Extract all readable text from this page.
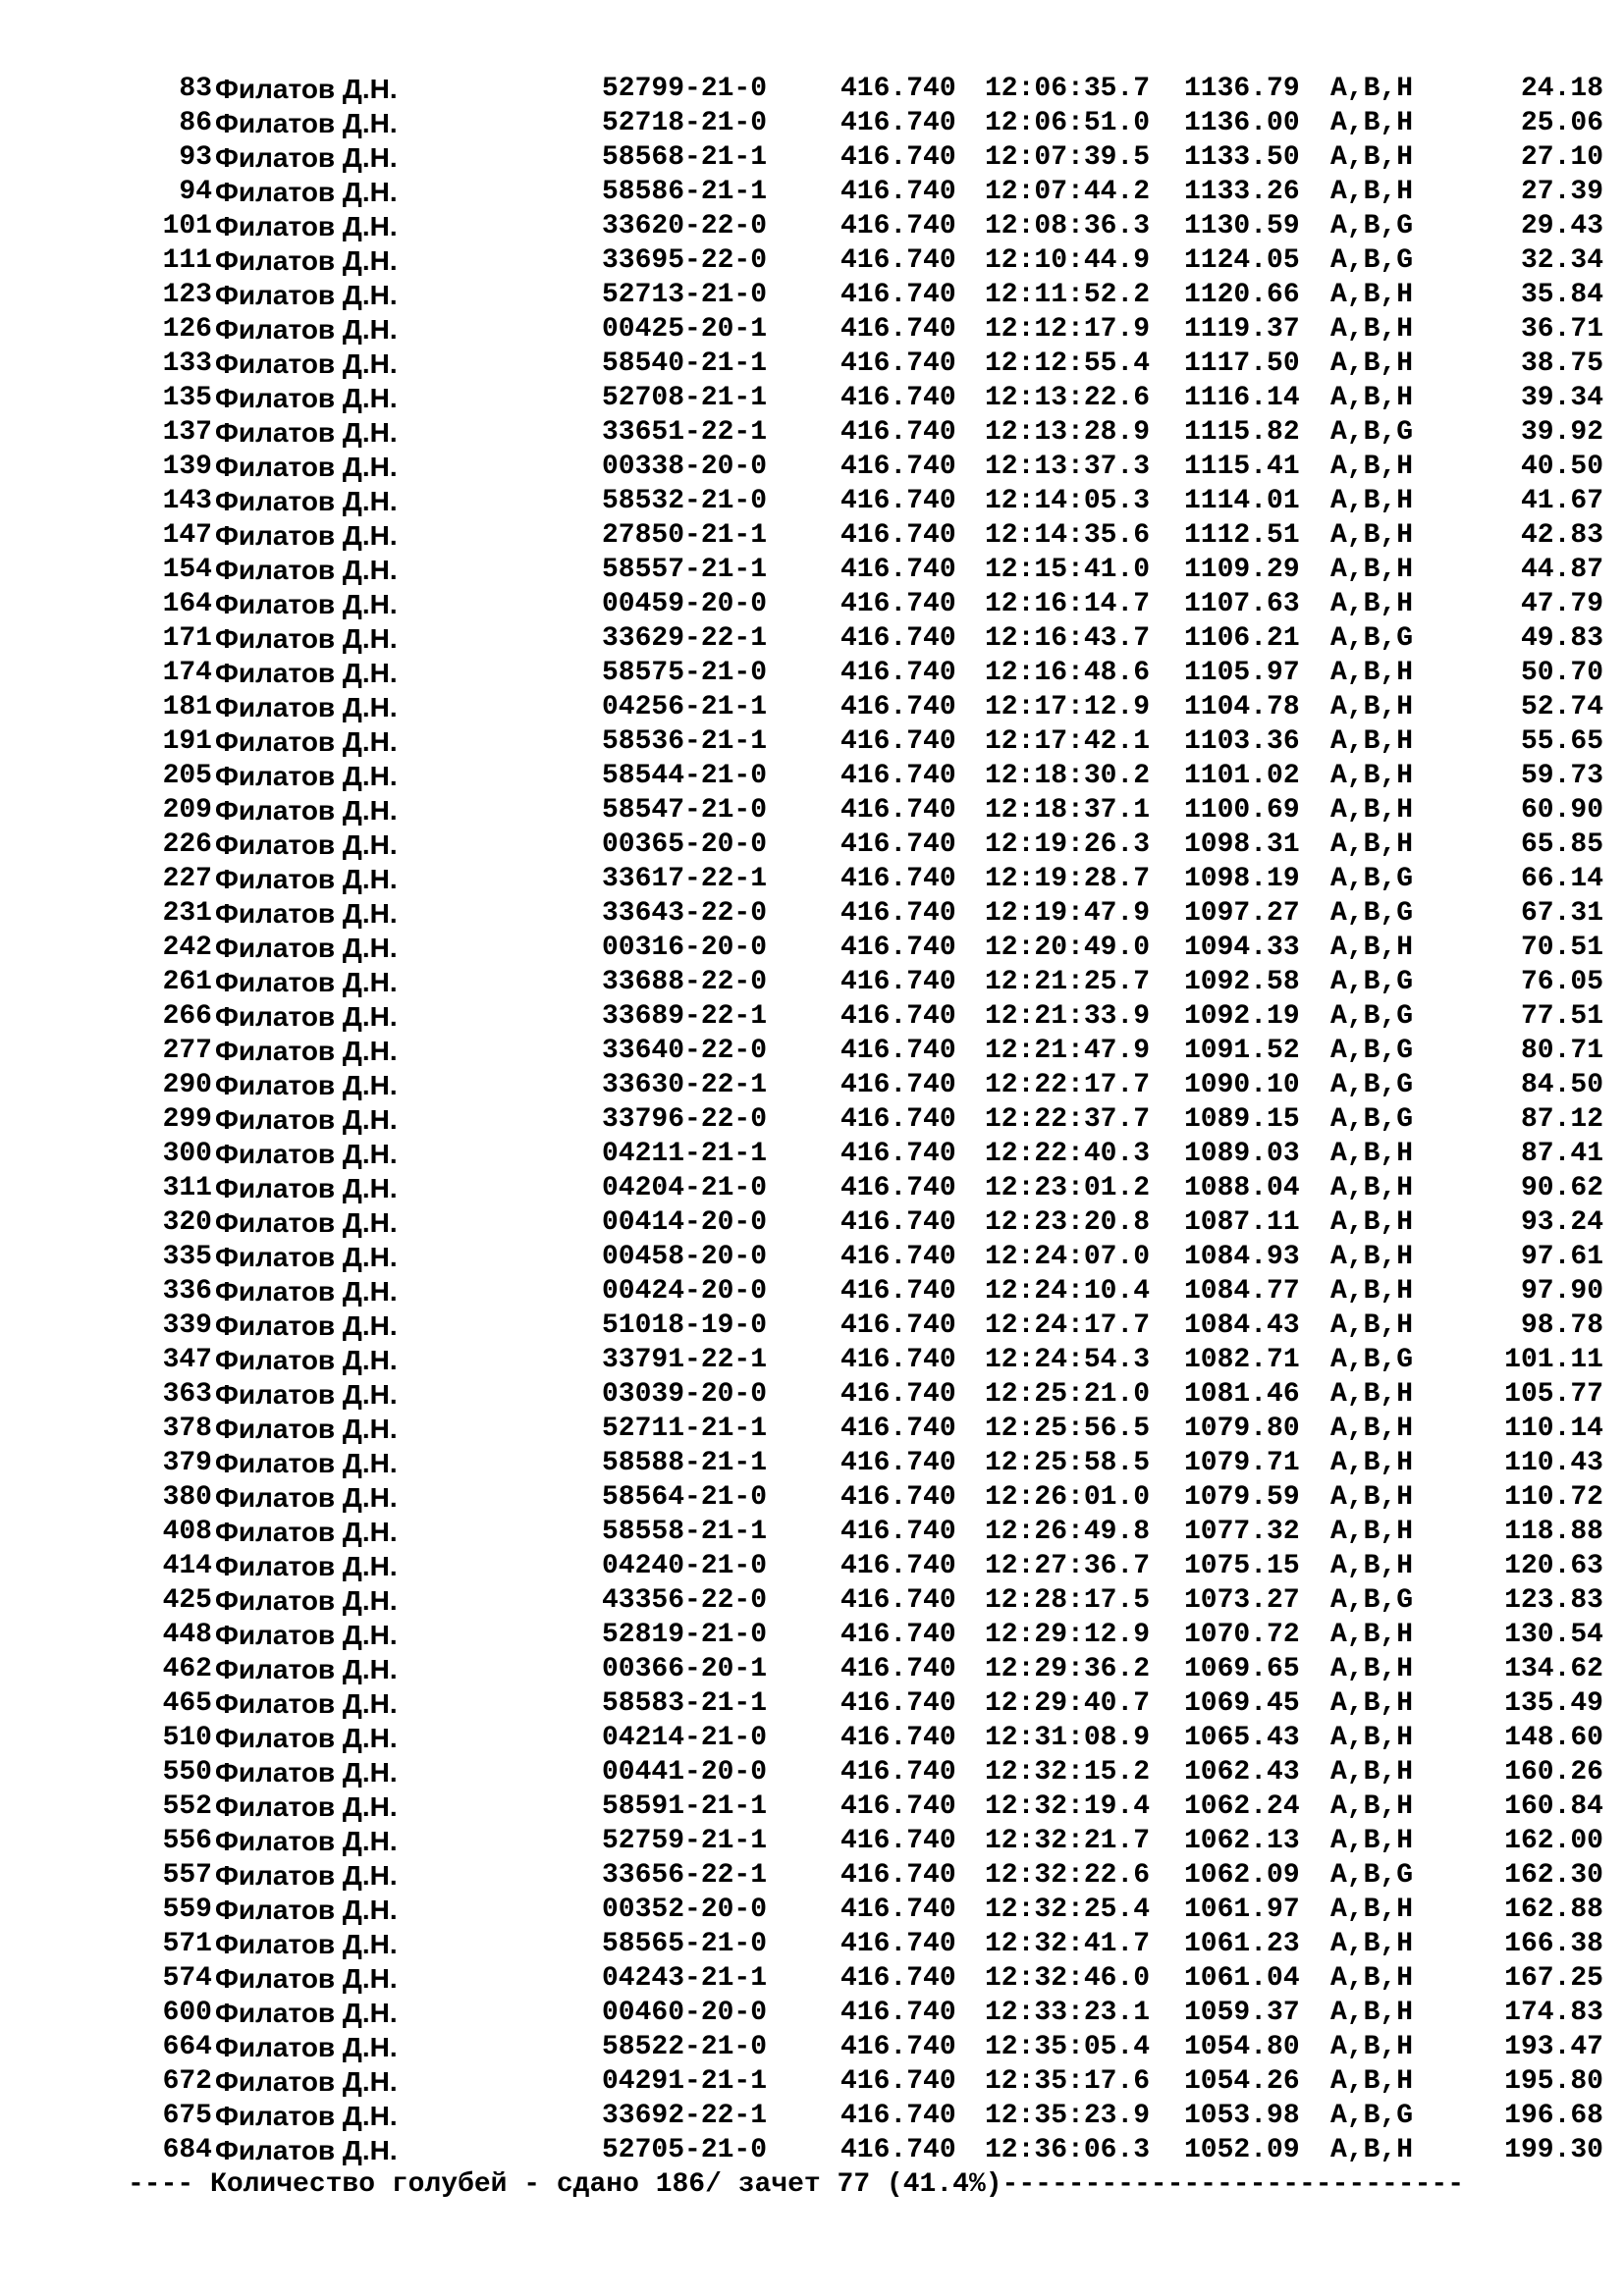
83 Филатов Д.Н.	52799-21-0	416.740 12:06:35.7 1136.79 A,B,H	24.18
86 Филатов Д.Н.	52718-21-0	416.740 12:06:51.0 1136.00 A,B,H	25.06
93 Филатов Д.Н.	58568-21-1	416.740 12:07:39.5 1133.50 A,B,H	27.10
94 Филатов Д.Н.	58586-21-1	416.740 12:07:44.2 1133.26 A,B,H	27.39
101 Филатов Д.Н.	33620-22-0	416.740 12:08:36.3 1130.59 A,B,G	29.43
111 Филатов Д.Н.	33695-22-0	416.740 12:10:44.9 1124.05 A,B,G	32.34
123 Филатов Д.Н.	52713-21-0	416.740 12:11:52.2 1120.66 A,B,H	35.84
126 Филатов Д.Н.	00425-20-1	416.740 12:12:17.9 1119.37 A,B,H	36.71
133 Филатов Д.Н.	58540-21-1	416.740 12:12:55.4 1117.50 A,B,H	38.75
135 Филатов Д.Н.	52708-21-1	416.740 12:13:22.6 1116.14 A,B,H	39.34
137 Филатов Д.Н.	33651-22-1	416.740 12:13:28.9 1115.82 A,B,G	39.92
139 Филатов Д.Н.	00338-20-0	416.740 12:13:37.3 1115.41 A,B,H	40.50
143 Филатов Д.Н.	58532-21-0	416.740 12:14:05.3 1114.01 A,B,H	41.67
147 Филатов Д.Н.	27850-21-1	416.740 12:14:35.6 1112.51 A,B,H	42.83
154 Филатов Д.Н.	58557-21-1	416.740 12:15:41.0 1109.29 A,B,H	44.87
164 Филатов Д.Н.	00459-20-0	416.740 12:16:14.7 1107.63 A,B,H	47.79
171 Филатов Д.Н.	33629-22-1	416.740 12:16:43.7 1106.21 A,B,G	49.83
174 Филатов Д.Н.	58575-21-0	416.740 12:16:48.6 1105.97 A,B,H	50.70
181 Филатов Д.Н.	04256-21-1	416.740 12:17:12.9 1104.78 A,B,H	52.74
191 Филатов Д.Н.	58536-21-1	416.740 12:17:42.1 1103.36 A,B,H	55.65
205 Филатов Д.Н.	58544-21-0	416.740 12:18:30.2 1101.02 A,B,H	59.73
209 Филатов Д.Н.	58547-21-0	416.740 12:18:37.1 1100.69 A,B,H	60.90
226 Филатов Д.Н.	00365-20-0	416.740 12:19:26.3 1098.31 A,B,H	65.85
227 Филатов Д.Н.	33617-22-1	416.740 12:19:28.7 1098.19 A,B,G	66.14
231 Филатов Д.Н.	33643-22-0	416.740 12:19:47.9 1097.27 A,B,G	67.31
242 Филатов Д.Н.	00316-20-0	416.740 12:20:49.0 1094.33 A,B,H	70.51
261 Филатов Д.Н.	33688-22-0	416.740 12:21:25.7 1092.58 A,B,G	76.05
266 Филатов Д.Н.	33689-22-1	416.740 12:21:33.9 1092.19 A,B,G	77.51
277 Филатов Д.Н.	33640-22-0	416.740 12:21:47.9 1091.52 A,B,G	80.71
290 Филатов Д.Н.	33630-22-1	416.740 12:22:17.7 1090.10 A,B,G	84.50
299 Филатов Д.Н.	33796-22-0	416.740 12:22:37.7 1089.15 A,B,G	87.12
300 Филатов Д.Н.	04211-21-1	416.740 12:22:40.3 1089.03 A,B,H	87.41
311 Филатов Д.Н.	04204-21-0	416.740 12:23:01.2 1088.04 A,B,H	90.62
320 Филатов Д.Н.	00414-20-0	416.740 12:23:20.8 1087.11 A,B,H	93.24
335 Филатов Д.Н.	00458-20-0	416.740 12:24:07.0 1084.93 A,B,H	97.61
336 Филатов Д.Н.	00424-20-0	416.740 12:24:10.4 1084.77 A,B,H	97.90
339 Филатов Д.Н.	51018-19-0	416.740 12:24:17.7 1084.43 A,B,H	98.78
347 Филатов Д.Н.	33791-22-1	416.740 12:24:54.3 1082.71 A,B,G	101.11
363 Филатов Д.Н.	03039-20-0	416.740 12:25:21.0 1081.46 A,B,H	105.77
378 Филатов Д.Н.	52711-21-1	416.740 12:25:56.5 1079.80 A,B,H	110.14
379 Филатов Д.Н.	58588-21-1	416.740 12:25:58.5 1079.71 A,B,H	110.43
380 Филатов Д.Н.	58564-21-0	416.740 12:26:01.0 1079.59 A,B,H	110.72
408 Филатов Д.Н.	58558-21-1	416.740 12:26:49.8 1077.32 A,B,H	118.88
414 Филатов Д.Н.	04240-21-0	416.740 12:27:36.7 1075.15 A,B,H	120.63
425 Филатов Д.Н.	43356-22-0	416.740 12:28:17.5 1073.27 A,B,G	123.83
448 Филатов Д.Н.	52819-21-0	416.740 12:29:12.9 1070.72 A,B,H	130.54
462 Филатов Д.Н.	00366-20-1	416.740 12:29:36.2 1069.65 A,B,H	134.62
465 Филатов Д.Н.	58583-21-1	416.740 12:29:40.7 1069.45 A,B,H	135.49
510 Филатов Д.Н.	04214-21-0	416.740 12:31:08.9 1065.43 A,B,H	148.60
550 Филатов Д.Н.	00441-20-0	416.740 12:32:15.2 1062.43 A,B,H	160.26
552 Филатов Д.Н.	58591-21-1	416.740 12:32:19.4 1062.24 A,B,H	160.84
556 Филатов Д.Н.	52759-21-1	416.740 12:32:21.7 1062.13 A,B,H	162.00
557 Филатов Д.Н.	33656-22-1	416.740 12:32:22.6 1062.09 A,B,G	162.30
559 Филатов Д.Н.	00352-20-0	416.740 12:32:25.4 1061.97 A,B,H	162.88
571 Филатов Д.Н.	58565-21-0	416.740 12:32:41.7 1061.23 A,B,H	166.38
574 Филатов Д.Н.	04243-21-1	416.740 12:32:46.0 1061.04 A,B,H	167.25
600 Филатов Д.Н.	00460-20-0	416.740 12:33:23.1 1059.37 A,B,H	174.83
664 Филатов Д.Н.	58522-21-0	416.740 12:35:05.4 1054.80 A,B,H	193.47
672 Филатов Д.Н.	04291-21-1	416.740 12:35:17.6 1054.26 A,B,H	195.80
675 Филатов Д.Н.	33692-22-1	416.740 12:35:23.9 1053.98 A,B,G	196.68
684 Филатов Д.Н.	52705-21-0	416.740 12:36:06.3 1052.09 A,B,H	199.30

---- Количество голубей - сдано 186/ зачет 77 (41.4%)----------------------------
